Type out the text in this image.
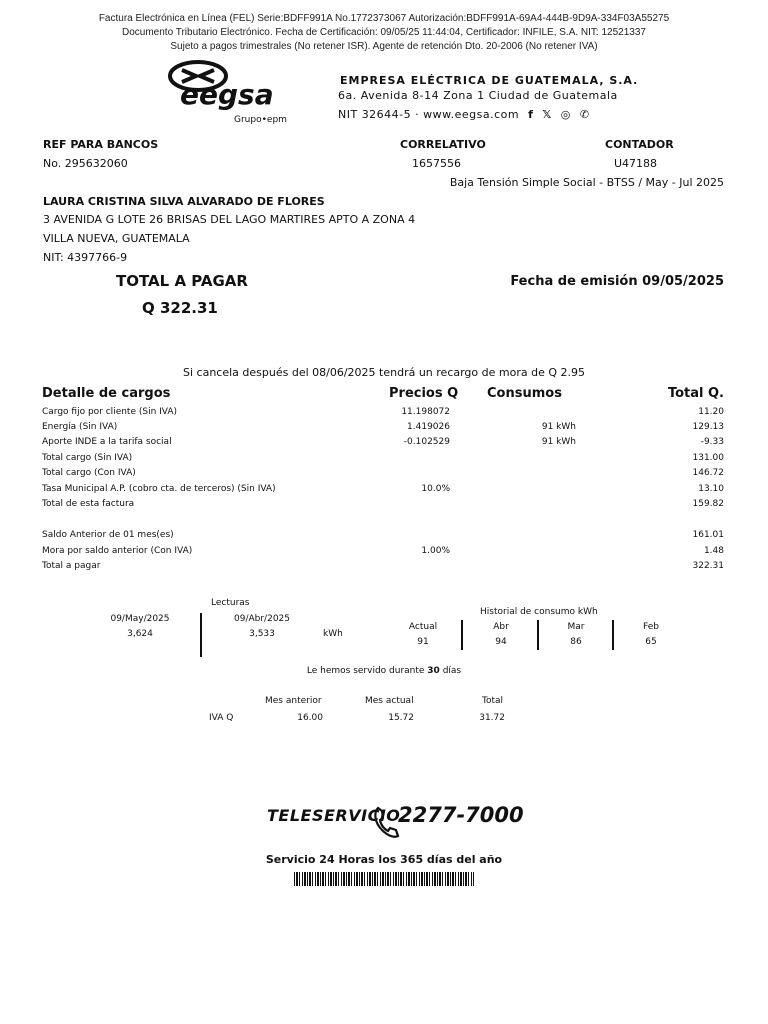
Factura Electrónica en Línea (FEL) Serie:BDFF991A No.1772373067 Autorización:BDFF991A-69A4-444B-9D9A-334F03A55275
Documento Tributario Electrónico. Fecha de Certificación: 09/05/25 11:44:04, Certificador: INFILE, S.A. NIT: 12521337
Sujeto a pagos trimestrales (No retener ISR). Agente de retención Dto. 20-2006 (No retener IVA)
eegsa
Grupo•epm
EMPRESA ELÉCTRICA DE GUATEMALA, S.A.
6a. Avenida 8-14 Zona 1 Ciudad de Guatemala
NIT 32644-5 · www.eegsa.com f 𝕏 ◎ ✆
REF PARA BANCOS
No. 295632060
CORRELATIVO
1657556
CONTADOR
U47188
Baja Tensión Simple Social - BTSS / May - Jul 2025
LAURA CRISTINA SILVA ALVARADO DE FLORES
3 AVENIDA G LOTE 26 BRISAS DEL LAGO MARTIRES APTO A ZONA 4
VILLA NUEVA, GUATEMALA
NIT: 4397766-9
TOTAL A PAGAR
Q 322.31
Fecha de emisión 09/05/2025
Si cancela después del 08/06/2025 tendrá un recargo de mora de Q 2.95
Detalle de cargos	Precios Q Consumos	Total Q.
Cargo fijo por cliente (Sin IVA)	11.198072	11.20
Energía (Sin IVA)	1.419026	91 kWh	129.13
Aporte INDE a la tarifa social	-0.102529	91 kWh	-9.33
Total cargo (Sin IVA)	131.00
Total cargo (Con IVA)	146.72
Tasa Municipal A.P. (cobro cta. de terceros) (Sin IVA)	10.0%	13.10
Total de esta factura	159.82
Saldo Anterior de 01 mes(es)	161.01
Mora por saldo anterior (Con IVA)	1.00%	1.48
Total a pagar	322.31
Lecturas
09/May/2025
3,624
09/Abr/2025
3,533	kWh
Historial de consumo kWh
Actual
91
Abr
94
Mar
86
Feb
65
Le hemos servido durante 30 días
Mes anterior	Mes actual	Total
IVA Q	16.00	15.72	31.72
TELESERVICIO
2277-7000
Servicio 24 Horas los 365 días del año
